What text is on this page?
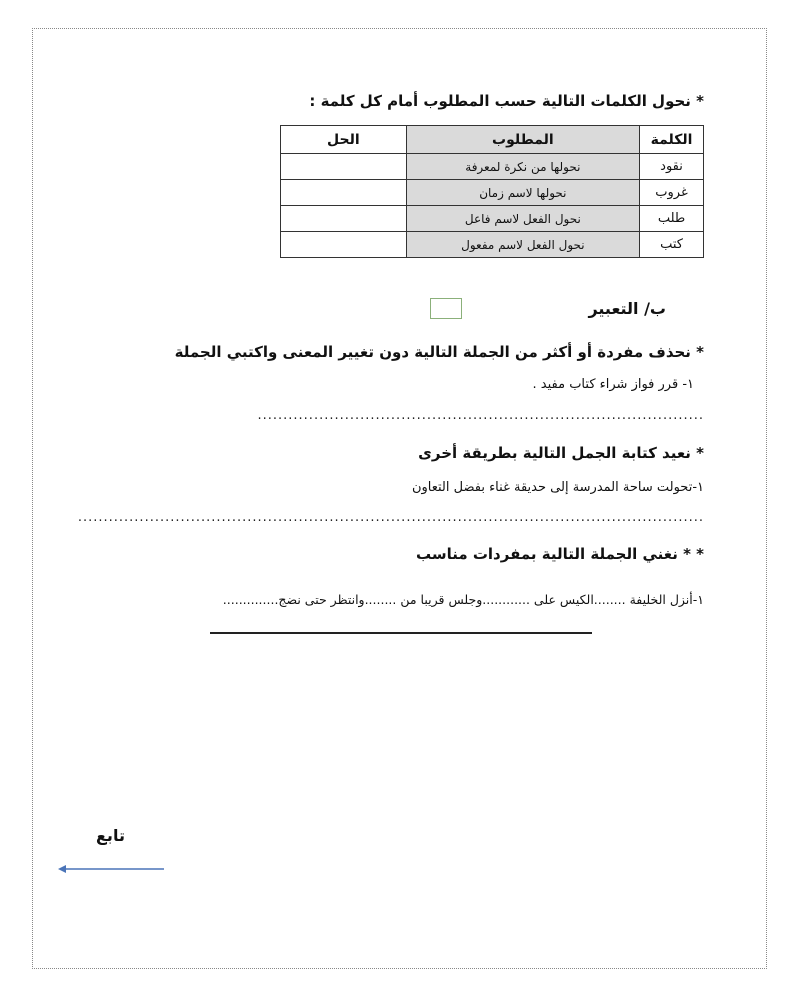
* نحول الكلمات التالية حسب المطلوب أمام كل كلمة :
الكلمة	المطلوب	الحل
نقود	نحولها من نكرة لمعرفة	
غروب	نحولها لاسم زمان	
طلب	نحول الفعل لاسم فاعل	
كتب	نحول الفعل لاسم مفعول	
ب/ التعبير
* نحذف مفردة أو أكثر من الجملة التالية دون تغيير المعنى واكتبي الجملة
١- قرر فواز شراء كتاب مفيد .
.......................................................................................
* نعيد كتابة الجمل التالية بطريقة أخرى
١-تحولت ساحة المدرسة إلى حديقة غناء بفضل التعاون
..........................................................................................................................
* * نغني الجملة التالية بمفردات مناسب
١-أنزل الخليفة ........الكيس على ............وجلس قريبا من ........وانتظر حتى نضج..............
تابع
